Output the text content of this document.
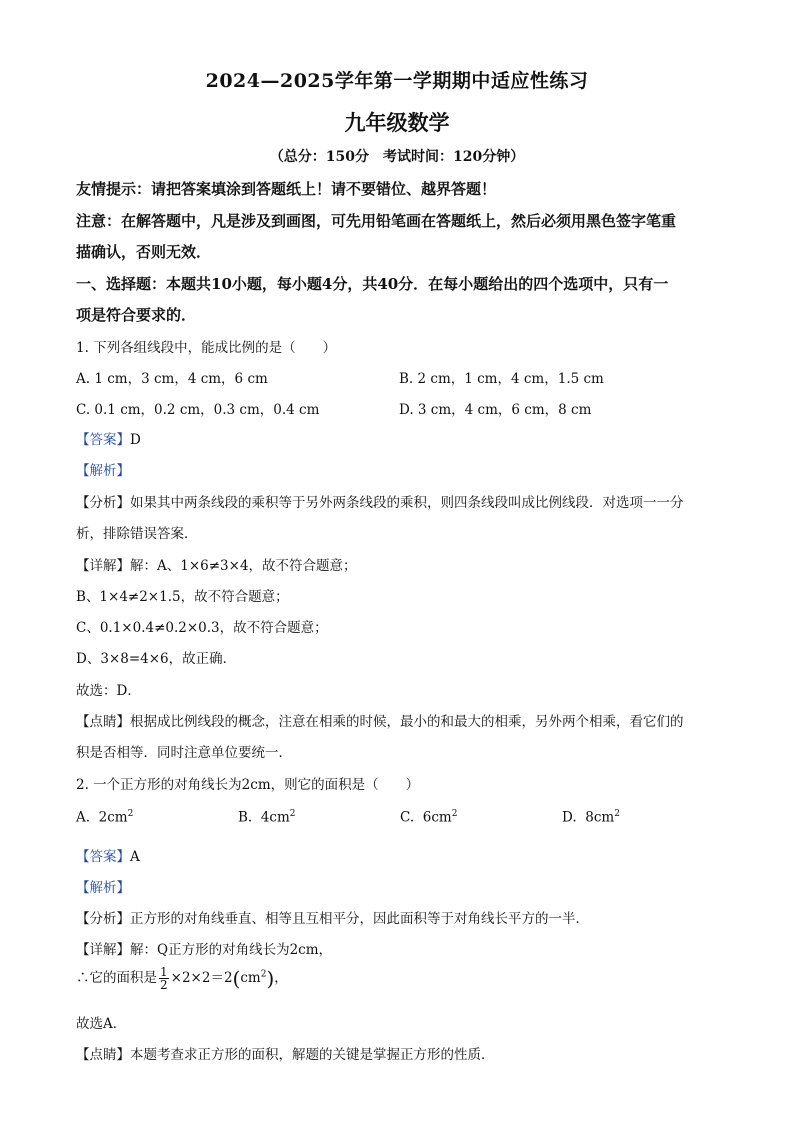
2024—2025学年第一学期期中适应性练习
九年级数学
（总分：150分　考试时间：120分钟）
友情提示：请把答案填涂到答题纸上！请不要错位、越界答题！
注意：在解答题中，凡是涉及到画图，可先用铅笔画在答题纸上，然后必须用黑色签字笔重
描确认，否则无效．
一、选择题：本题共10小题，每小题4分，共40分．在每小题给出的四个选项中，只有一
项是符合要求的．
1. 下列各组线段中，能成比例的是（　　）
A. 1 cm，3 cm，4 cm，6 cm	B. 2 cm，1 cm，4 cm，1.5 cm
C. 0.1 cm，0.2 cm，0.3 cm，0.4 cm	D. 3 cm，4 cm，6 cm，8 cm
【答案】D
【解析】
【分析】如果其中两条线段的乘积等于另外两条线段的乘积，则四条线段叫成比例线段．对选项一一分
析，排除错误答案．
【详解】解：A、1×6≠3×4，故不符合题意；
B、1×4≠2×1.5，故不符合题意；
C、0.1×0.4≠0.2×0.3，故不符合题意；
D、3×8=4×6，故正确．
故选：D．
【点睛】根据成比例线段的概念，注意在相乘的时候，最小的和最大的相乘，另外两个相乘，看它们的
积是否相等．同时注意单位要统一．
2. 一个正方形的对角线长为2cm，则它的面积是（　　）
A. $2cm^2$	B. $4cm^2$	C. $6cm^2$	D. $8cm^2$
【答案】A
【解析】
【分析】正方形的对角线垂直、相等且互相平分，因此面积等于对角线长平方的一半．
【详解】解：Q正方形的对角线长为2cm，
∴它的面积是 $\frac{1}{2} \times 2\times 2=2(cm^2)$，
故选A．
【点睛】本题考查求正方形的面积，解题的关键是掌握正方形的性质．
